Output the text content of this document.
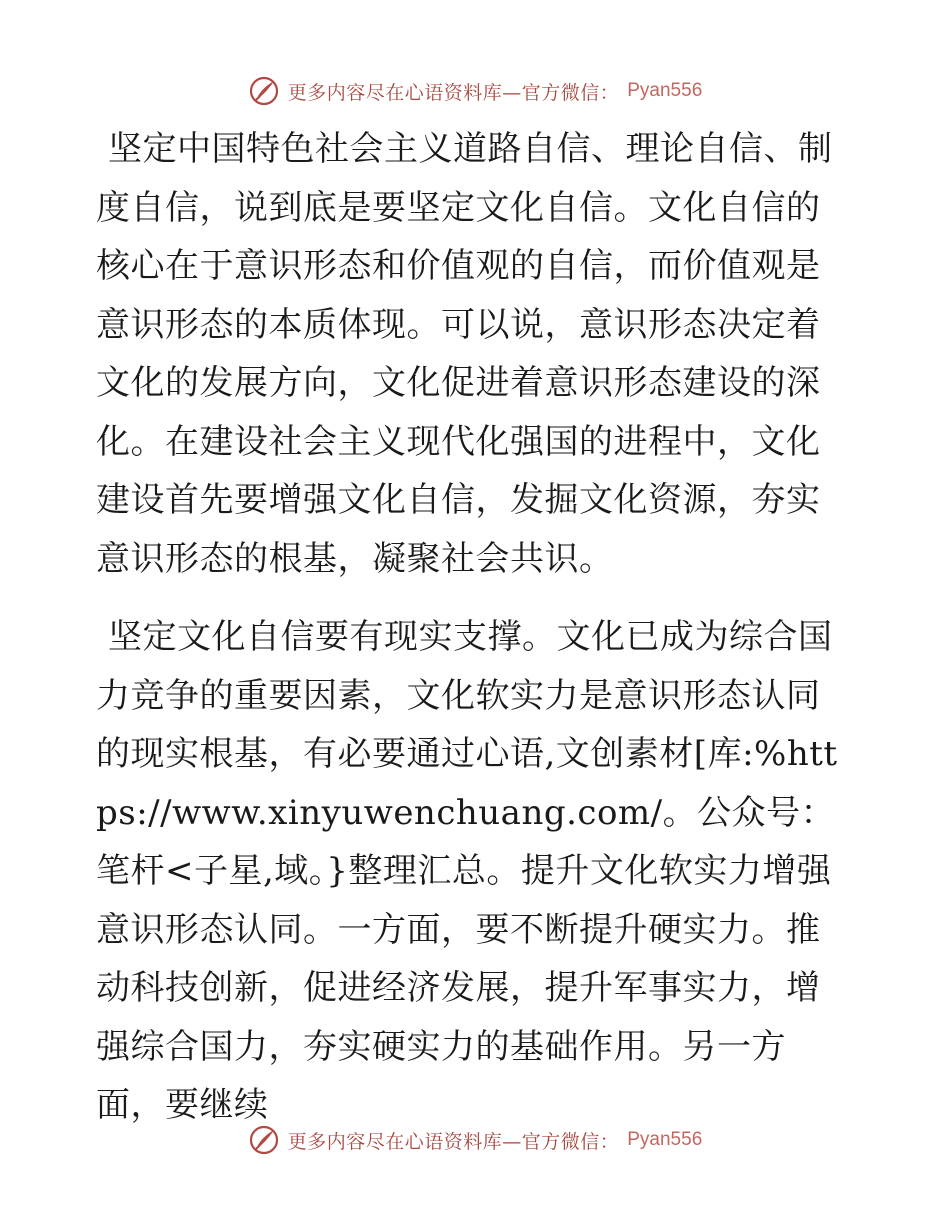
更多内容尽在心语资料库—官方微信： Pyan556

坚定中国特色社会主义道路自信、理论自信、制度自信，说到底是要坚定文化自信。文化自信的核心在于意识形态和价值观的自信，而价值观是意识形态的本质体现。可以说，意识形态决定着文化的发展方向，文化促进着意识形态建设的深化。在建设社会主义现代化强国的进程中，文化建设首先要增强文化自信，发掘文化资源，夯实意识形态的根基，凝聚社会共识。

坚定文化自信要有现实支撑。文化已成为综合国力竞争的重要因素，文化软实力是意识形态认同的现实根基，有必要通过心语,文创素材[库:%https://www.xinyuwenchuang.com/。公众号：笔杆<子星,域。}整理汇总。提升文化软实力增强意识形态认同。一方面，要不断提升硬实力。推动科技创新，促进经济发展，提升军事实力，增强综合国力，夯实硬实力的基础作用。另一方面，要继续

更多内容尽在心语资料库—官方微信： Pyan556
